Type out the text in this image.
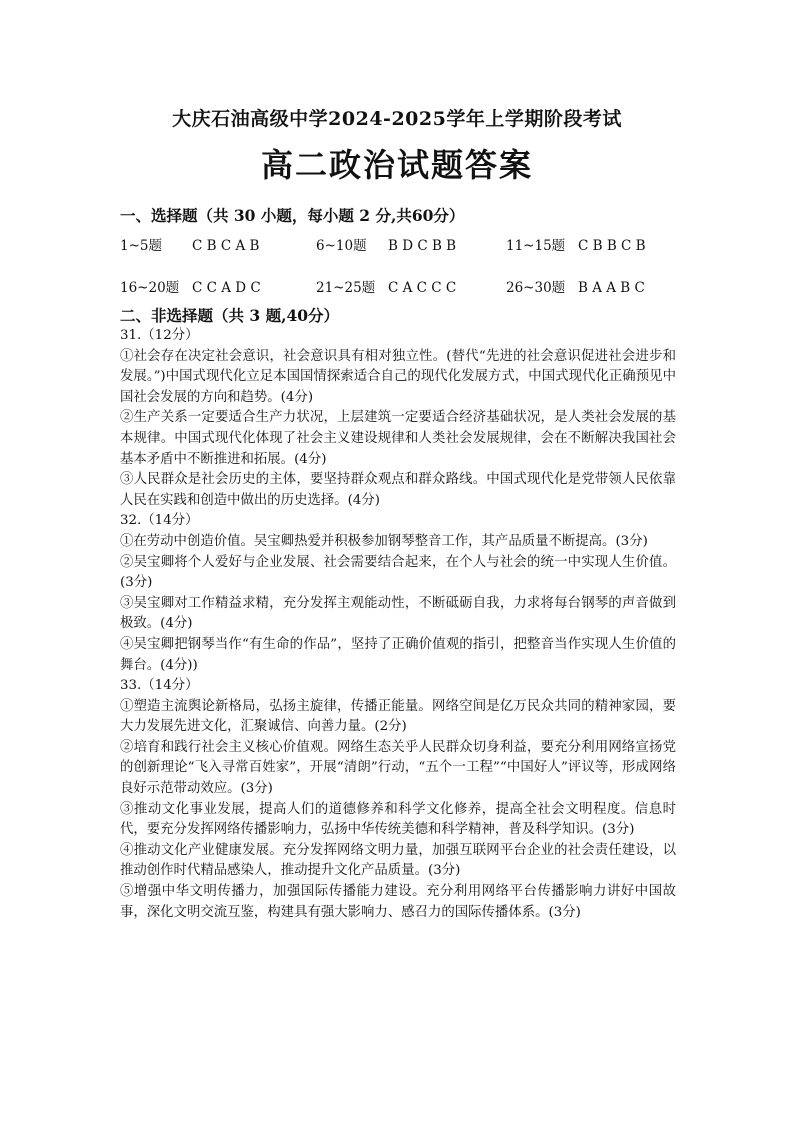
大庆石油高级中学2024-2025学年上学期阶段考试
高二政治试题答案
一、选择题（共 30 小题，每小题 2 分,共60分）
1~5题 C B C A B	6~10题 B D C B B	11~15题 C B B C B
16~20题 C C A D C	21~25题 C A C C C	26~30题 B A A B C
二、非选择题（共 3 题,40分）

31.（12分）

①社会存在决定社会意识，社会意识具有相对独立性。(替代“先进的社会意识促进社会进步和发展。”)中国式现代化立足本国国情探索适合自己的现代化发展方式，中国式现代化正确预见中国社会发展的方向和趋势。(4分)

②生产关系一定要适合生产力状况，上层建筑一定要适合经济基础状况，是人类社会发展的基本规律。中国式现代化体现了社会主义建设规律和人类社会发展规律，会在不断解决我国社会基本矛盾中不断推进和拓展。(4分)

③人民群众是社会历史的主体，要坚持群众观点和群众路线。中国式现代化是党带领人民依靠人民在实践和创造中做出的历史选择。(4分)

32.（14分）

①在劳动中创造价值。吴宝卿热爱并积极参加钢琴整音工作，其产品质量不断提高。(3分)

②吴宝卿将个人爱好与企业发展、社会需要结合起来，在个人与社会的统一中实现人生价值。(3分)

③吴宝卿对工作精益求精，充分发挥主观能动性，不断砥砺自我，力求将每台钢琴的声音做到极致。(4分)

④吴宝卿把钢琴当作“有生命的作品”，坚持了正确价值观的指引，把整音当作实现人生价值的舞台。(4分))

33.（14分）

①塑造主流舆论新格局，弘扬主旋律，传播正能量。网络空间是亿万民众共同的精神家园，要大力发展先进文化，汇聚诚信、向善力量。(2分)

②培育和践行社会主义核心价值观。网络生态关乎人民群众切身利益，要充分利用网络宣扬党的创新理论“飞入寻常百姓家”，开展“清朗”行动，“五个一工程”“中国好人”评议等，形成网络良好示范带动效应。(3分)

③推动文化事业发展，提高人们的道德修养和科学文化修养，提高全社会文明程度。信息时代，要充分发挥网络传播影响力，弘扬中华传统美德和科学精神，普及科学知识。(3分)

④推动文化产业健康发展。充分发挥网络文明力量，加强互联网平台企业的社会责任建设，以推动创作时代精品感染人，推动提升文化产品质量。(3分)

⑤增强中华文明传播力，加强国际传播能力建设。充分利用网络平台传播影响力讲好中国故事，深化文明交流互鉴，构建具有强大影响力、感召力的国际传播体系。(3分)
